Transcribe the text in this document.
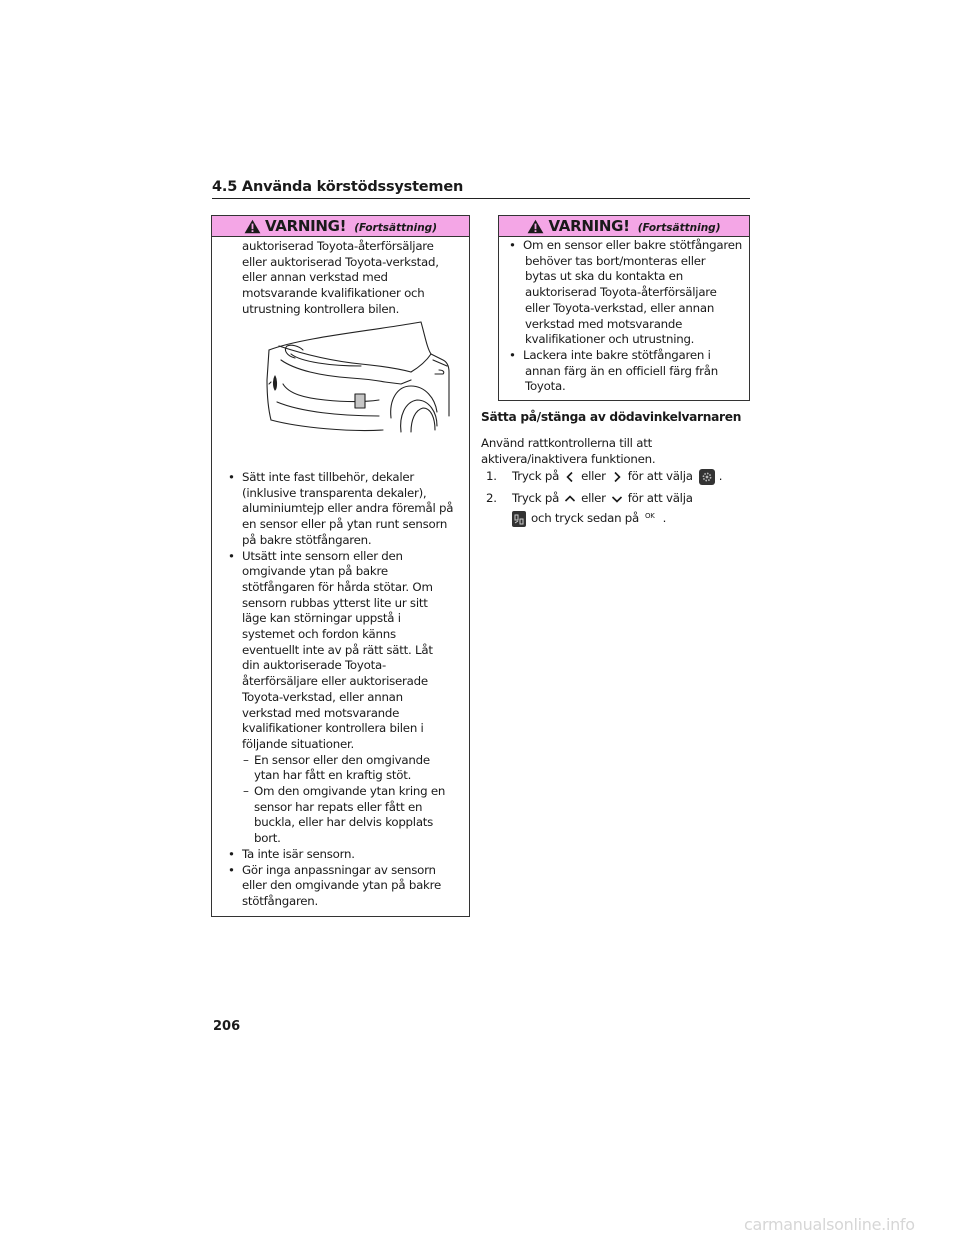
4.5 Använda körstödssystemen
VARNING! (Fortsättning)
auktoriserad Toyota-återförsäljare
eller auktoriserad Toyota-verkstad,
eller annan verkstad med
motsvarande kvalifikationer och
utrustning kontrollera bilen.
• Sätt inte fast tillbehör, dekaler
(inklusive transparenta dekaler),
aluminiumtejp eller andra föremål på
en sensor eller på ytan runt sensorn
på bakre stötfångaren.
• Utsätt inte sensorn eller den
omgivande ytan på bakre
stötfångaren för hårda stötar. Om
sensorn rubbas ytterst lite ur sitt
läge kan störningar uppstå i
systemet och fordon känns
eventuellt inte av på rätt sätt. Låt
din auktoriserade Toyota-
återförsäljare eller auktoriserade
Toyota-verkstad, eller annan
verkstad med motsvarande
kvalifikationer kontrollera bilen i
följande situationer.
– En sensor eller den omgivande
ytan har fått en kraftig stöt.
– Om den omgivande ytan kring en
sensor har repats eller fått en
buckla, eller har delvis kopplats
bort.
• Ta inte isär sensorn.
• Gör inga anpassningar av sensorn
eller den omgivande ytan på bakre
stötfångaren.
VARNING! (Fortsättning)
• Om en sensor eller bakre stötfångaren
behöver tas bort/monteras eller
bytas ut ska du kontakta en
auktoriserad Toyota-återförsäljare
eller Toyota-verkstad, eller annan
verkstad med motsvarande
kvalifikationer och utrustning.
• Lackera inte bakre stötfångaren i
annan färg än en officiell färg från
Toyota.
Sätta på/stänga av dödavinkelvarnaren
Använd rattkontrollerna till att
aktivera/inaktivera funktionen.
1. Tryck på eller för att välja .
2. Tryck på eller för att välja
och tryck sedan på OK .
206
carmanualsonline.info
